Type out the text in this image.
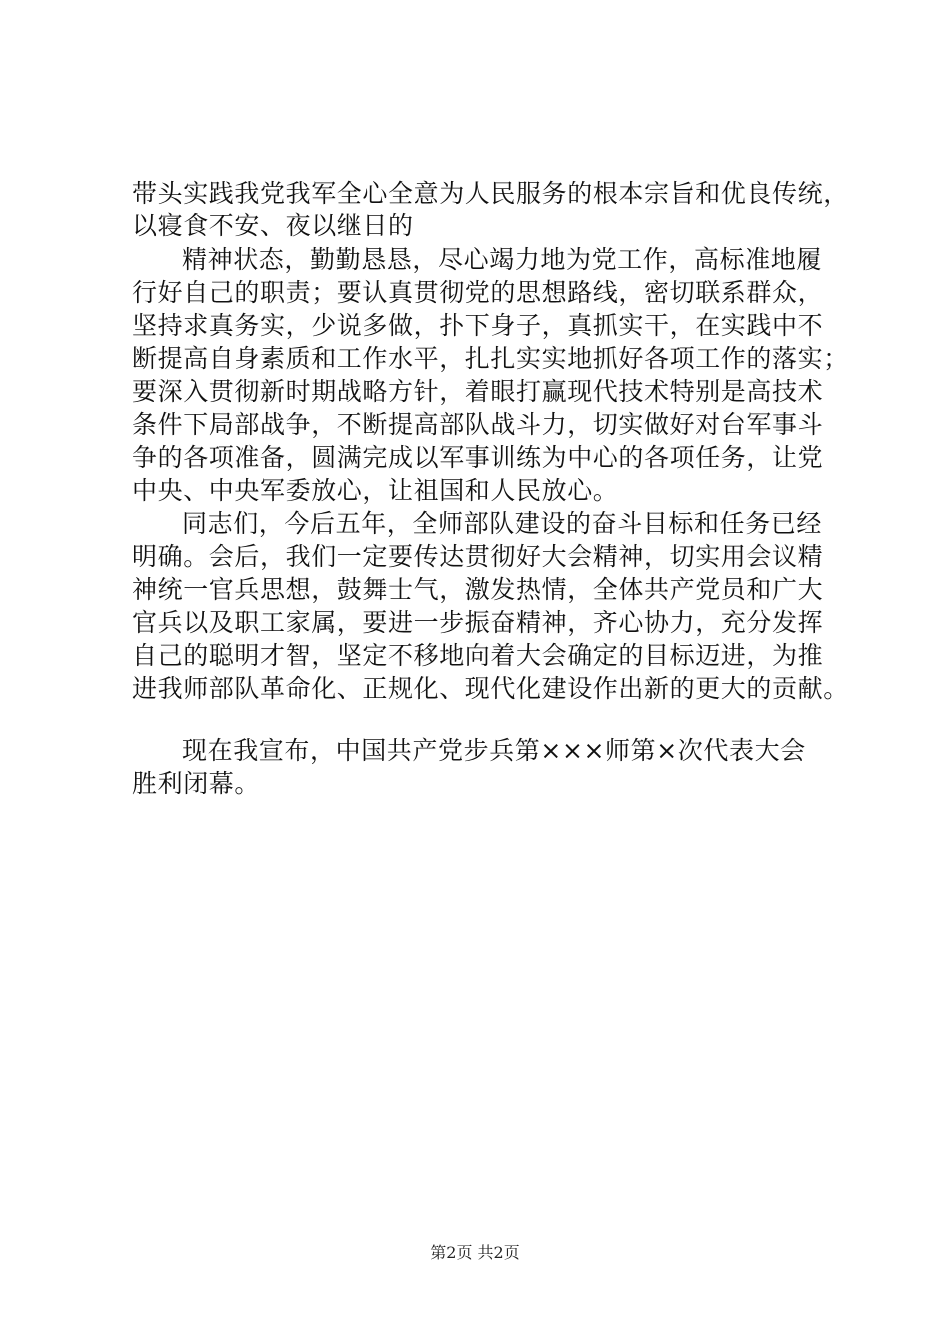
带头实践我党我军全心全意为人民服务的根本宗旨和优良传统，
以寝食不安、夜以继日的
精神状态，勤勤恳恳，尽心竭力地为党工作，高标准地履
行好自己的职责；要认真贯彻党的思想路线，密切联系群众，
坚持求真务实，少说多做，扑下身子，真抓实干，在实践中不
断提高自身素质和工作水平，扎扎实实地抓好各项工作的落实；
要深入贯彻新时期战略方针，着眼打赢现代技术特别是高技术
条件下局部战争，不断提高部队战斗力，切实做好对台军事斗
争的各项准备，圆满完成以军事训练为中心的各项任务，让党
中央、中央军委放心，让祖国和人民放心。
同志们，今后五年，全师部队建设的奋斗目标和任务已经
明确。会后，我们一定要传达贯彻好大会精神，切实用会议精
神统一官兵思想，鼓舞士气，激发热情，全体共产党员和广大
官兵以及职工家属，要进一步振奋精神，齐心协力，充分发挥
自己的聪明才智，坚定不移地向着大会确定的目标迈进，为推
进我师部队革命化、正规化、现代化建设作出新的更大的贡献。
现在我宣布，中国共产党步兵第×××师第×次代表大会
胜利闭幕。
第2页 共2页
